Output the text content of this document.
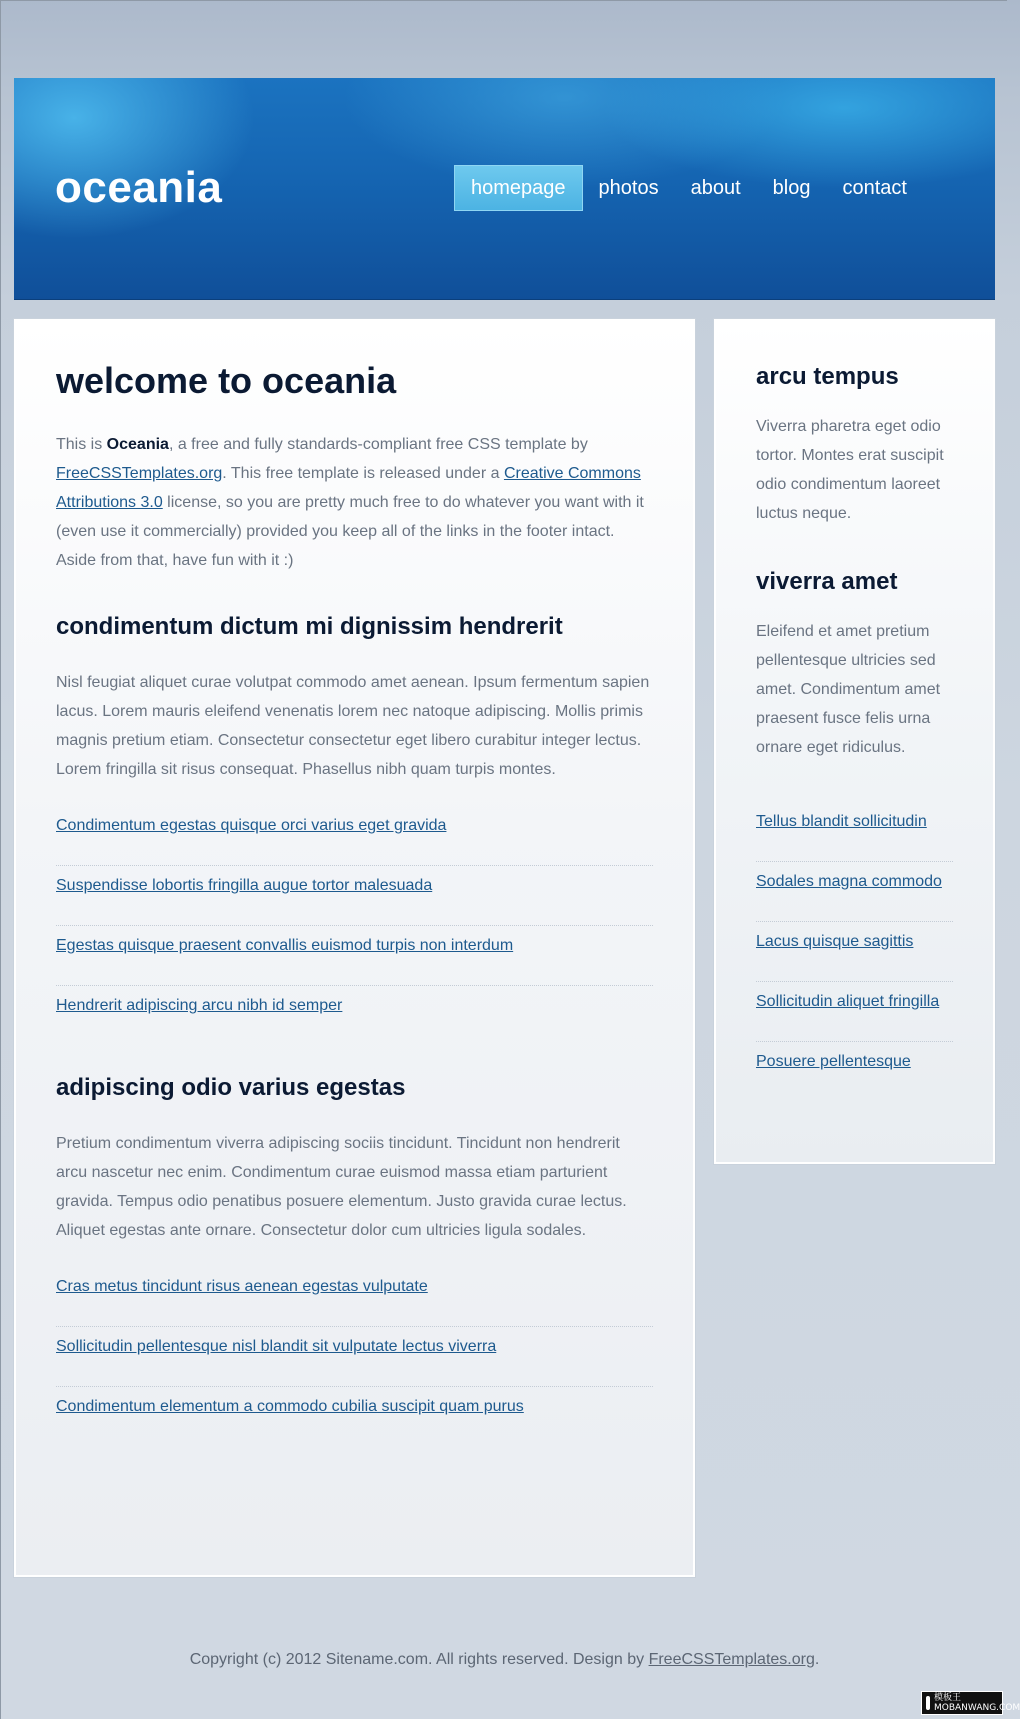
oceania	homepage	photos	about	blog	contact
welcome to oceania

This is Oceania, a free and fully standards-compliant free CSS template by FreeCSSTemplates.org. This free template is released under a Creative Commons Attributions 3.0 license, so you are pretty much free to do whatever you want with it (even use it commercially) provided you keep all of the links in the footer intact. Aside from that, have fun with it :)

condimentum dictum mi dignissim hendrerit

Nisl feugiat aliquet curae volutpat commodo amet aenean. Ipsum fermentum sapien lacus. Lorem mauris eleifend venenatis lorem nec natoque adipiscing. Mollis primis magnis pretium etiam. Consectetur consectetur eget libero curabitur integer lectus. Lorem fringilla sit risus consequat. Phasellus nibh quam turpis montes.

Condimentum egestas quisque orci varius eget gravida
Suspendisse lobortis fringilla augue tortor malesuada
Egestas quisque praesent convallis euismod turpis non interdum
Hendrerit adipiscing arcu nibh id semper
adipiscing odio varius egestas

Pretium condimentum viverra adipiscing sociis tincidunt. Tincidunt non hendrerit arcu nascetur nec enim. Condimentum curae euismod massa etiam parturient gravida. Tempus odio penatibus posuere elementum. Justo gravida curae lectus. Aliquet egestas ante ornare. Consectetur dolor cum ultricies ligula sodales.

Cras metus tincidunt risus aenean egestas vulputate
Sollicitudin pellentesque nisl blandit sit vulputate lectus viverra
Condimentum elementum a commodo cubilia suscipit quam purus
arcu tempus

Viverra pharetra eget odio tortor. Montes erat suscipit odio condimentum laoreet luctus neque.

viverra amet

Eleifend et amet pretium pellentesque ultricies sed amet. Condimentum amet praesent fusce felis urna ornare eget ridiculus.

Tellus blandit sollicitudin
Sodales magna commodo
Lacus quisque sagittis
Sollicitudin aliquet fringilla
Posuere pellentesque
Copyright (c) 2012 Sitename.com. All rights reserved. Design by FreeCSSTemplates.org.
模板王
MOBANWANG.COM
